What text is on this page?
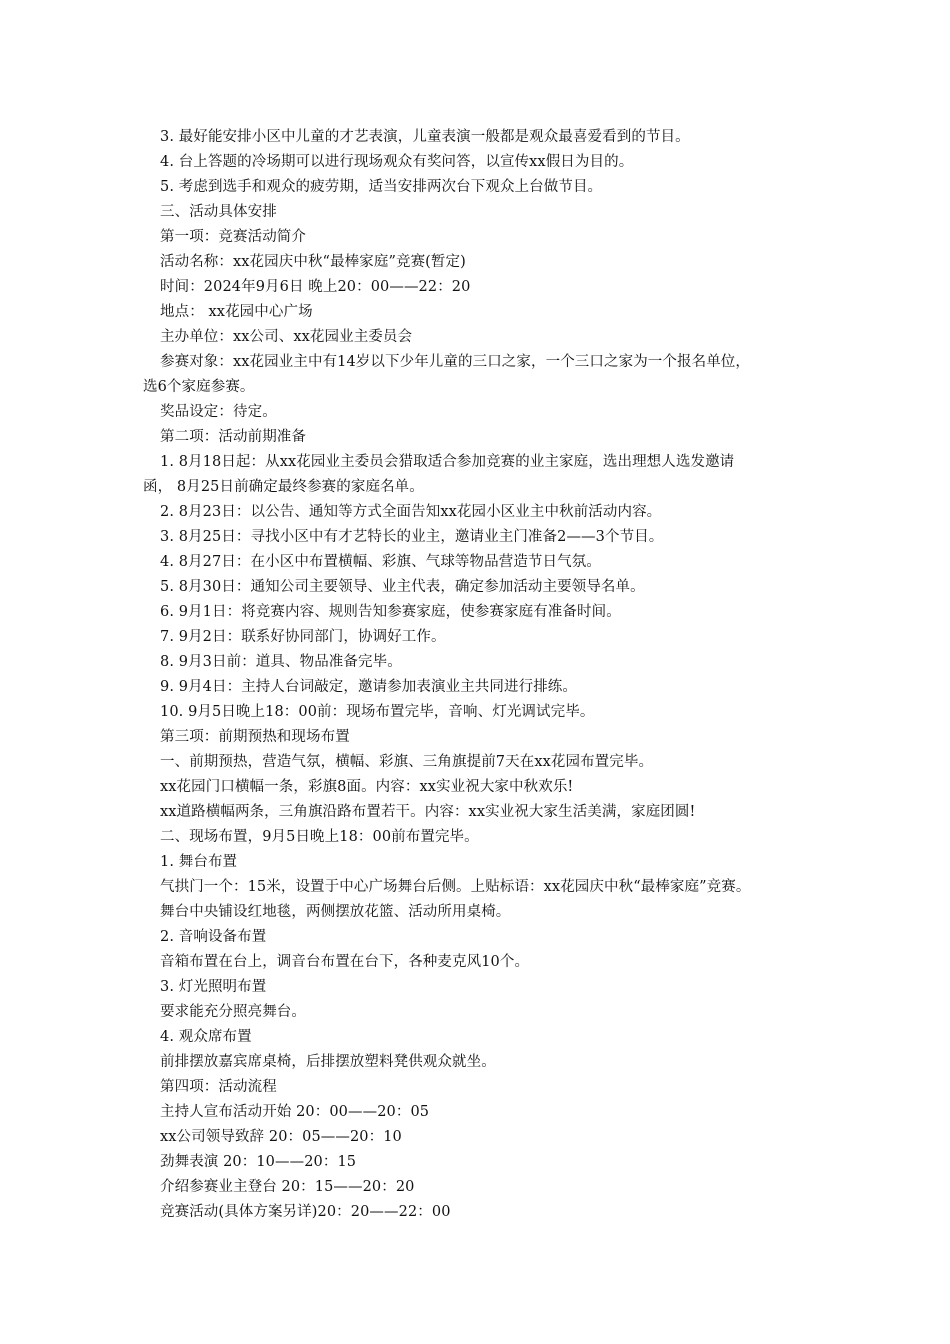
3. 最好能安排小区中儿童的才艺表演，儿童表演一般都是观众最喜爱看到的节目。
4. 台上答题的冷场期可以进行现场观众有奖问答，以宣传xx假日为目的。
5. 考虑到选手和观众的疲劳期，适当安排两次台下观众上台做节目。
三、活动具体安排
第一项：竞赛活动简介
活动名称：xx花园庆中秋“最棒家庭”竞赛(暂定)
时间：2024年9月6日 晚上20：00——22：20
地点： xx花园中心广场
主办单位：xx公司、xx花园业主委员会
参赛对象：xx花园业主中有14岁以下少年儿童的三口之家，一个三口之家为一个报名单位，
选6个家庭参赛。
奖品设定：待定。
第二项：活动前期准备
1. 8月18日起：从xx花园业主委员会猎取适合参加竞赛的业主家庭，选出理想人选发邀请
函， 8月25日前确定最终参赛的家庭名单。
2. 8月23日：以公告、通知等方式全面告知xx花园小区业主中秋前活动内容。
3. 8月25日：寻找小区中有才艺特长的业主，邀请业主门准备2——3个节目。
4. 8月27日：在小区中布置横幅、彩旗、气球等物品营造节日气氛。
5. 8月30日：通知公司主要领导、业主代表，确定参加活动主要领导名单。
6. 9月1日：将竞赛内容、规则告知参赛家庭，使参赛家庭有准备时间。
7. 9月2日：联系好协同部门，协调好工作。
8. 9月3日前：道具、物品准备完毕。
9. 9月4日：主持人台词敲定，邀请参加表演业主共同进行排练。
10. 9月5日晚上18：00前：现场布置完毕，音响、灯光调试完毕。
第三项：前期预热和现场布置
一、前期预热，营造气氛，横幅、彩旗、三角旗提前7天在xx花园布置完毕。
xx花园门口横幅一条，彩旗8面。内容：xx实业祝大家中秋欢乐!
xx道路横幅两条，三角旗沿路布置若干。内容：xx实业祝大家生活美满，家庭团圆!
二、现场布置，9月5日晚上18：00前布置完毕。
1. 舞台布置
气拱门一个：15米，设置于中心广场舞台后侧。上贴标语：xx花园庆中秋“最棒家庭”竞赛。
舞台中央铺设红地毯，两侧摆放花篮、活动所用桌椅。
2. 音响设备布置
音箱布置在台上，调音台布置在台下，各种麦克风10个。
3. 灯光照明布置
要求能充分照亮舞台。
4. 观众席布置
前排摆放嘉宾席桌椅，后排摆放塑料凳供观众就坐。
第四项：活动流程
主持人宣布活动开始 20：00——20：05
xx公司领导致辞 20：05——20：10
劲舞表演 20：10——20：15
介绍参赛业主登台 20：15——20：20
竞赛活动(具体方案另详)20：20——22：00
